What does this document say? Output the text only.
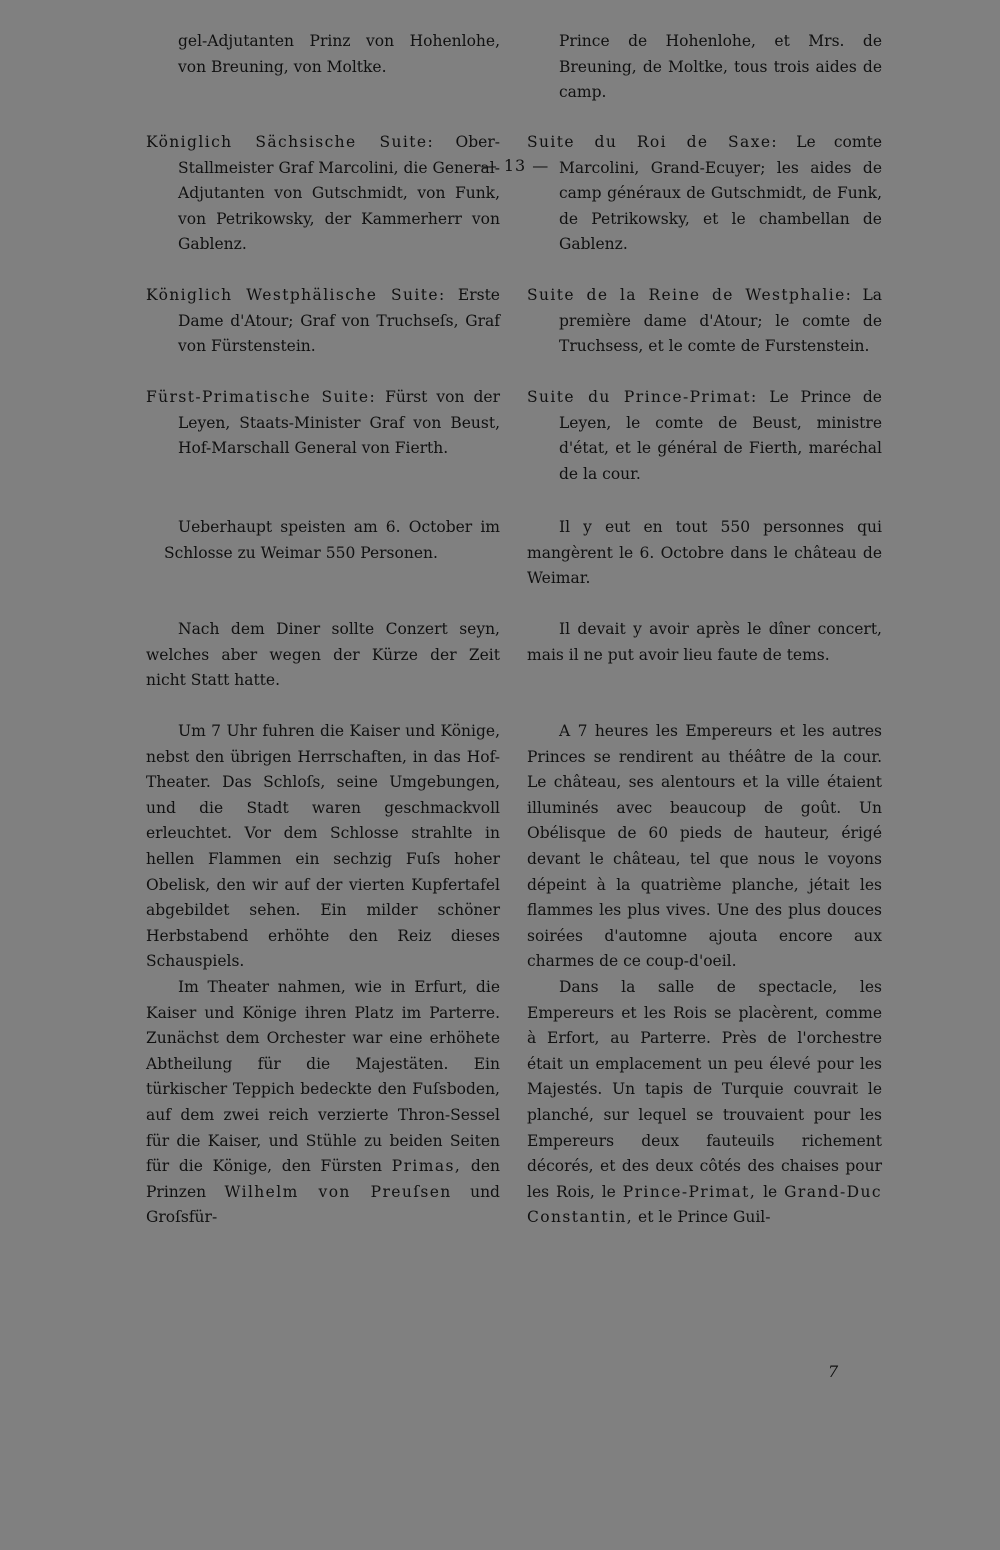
— 13 —

gel-Adjutanten Prinz von Hohenlohe, von Breuning, von Moltke.

Königlich Sächsische Suite: Ober-Stallmeister Graf Marcolini, die General-Adjutanten von Gutschmidt, von Funk, von Petrikowsky, der Kammerherr von Gablenz.

Königlich Westphälische Suite: Erste Dame d'Atour; Graf von Truchseſs, Graf von Fürstenstein.

Fürst-Primatische Suite: Fürst von der Leyen, Staats-Minister Graf von Beust, Hof-Marschall General von Fierth.

Ueberhaupt speisten am 6. October im Schlosse zu Weimar 550 Personen.

Nach dem Diner sollte Conzert seyn, welches aber wegen der Kürze der Zeit nicht Statt hatte.

Um 7 Uhr fuhren die Kaiser und Könige, nebst den übrigen Herrschaften, in das Hof-Theater. Das Schloſs, seine Umgebungen, und die Stadt waren geschmackvoll erleuchtet. Vor dem Schlosse strahlte in hellen Flammen ein sechzig Fuſs hoher Obelisk, den wir auf der vierten Kupfertafel abgebildet sehen. Ein milder schöner Herbstabend erhöhte den Reiz dieses Schauspiels.

Im Theater nahmen, wie in Erfurt, die Kaiser und Könige ihren Platz im Parterre. Zunächst dem Orchester war eine erhöhete Abtheilung für die Majestäten. Ein türkischer Teppich bedeckte den Fuſsboden, auf dem zwei reich verzierte Thron-Sessel für die Kaiser, und Stühle zu beiden Seiten für die Könige, den Fürsten Primas, den Prinzen Wilhelm von Preuſsen und Groſsfür-

Prince de Hohenlohe, et Mrs. de Breuning, de Moltke, tous trois aides de camp.

Suite du Roi de Saxe: Le comte Marcolini, Grand-Ecuyer; les aides de camp généraux de Gutschmidt, de Funk, de Petrikowsky, et le chambellan de Gablenz.

Suite de la Reine de Westphalie: La première dame d'Atour; le comte de Truchsess, et le comte de Furstenstein.

Suite du Prince-Primat: Le Prince de Leyen, le comte de Beust, ministre d'état, et le général de Fierth, maréchal de la cour.

Il y eut en tout 550 personnes qui mangèrent le 6. Octobre dans le château de Weimar.

Il devait y avoir après le dîner concert, mais il ne put avoir lieu faute de tems.

A 7 heures les Empereurs et les autres Princes se rendirent au théâtre de la cour. Le château, ses alentours et la ville étaient illuminés avec beaucoup de goût. Un Obélisque de 60 pieds de hauteur, érigé devant le château, tel que nous le voyons dépeint à la quatrième planche, jétait les flammes les plus vives. Une des plus douces soirées d'automne ajouta encore aux charmes de ce coup-d'oeil.

Dans la salle de spectacle, les Empereurs et les Rois se placèrent, comme à Erfort, au Parterre. Près de l'orchestre était un emplacement un peu élevé pour les Majestés. Un tapis de Turquie couvrait le planché, sur lequel se trouvaient pour les Empereurs deux fauteuils richement décorés, et des deux côtés des chaises pour les Rois, le Prince-Primat, le Grand-Duc Constantin, et le Prince Guil-

7
